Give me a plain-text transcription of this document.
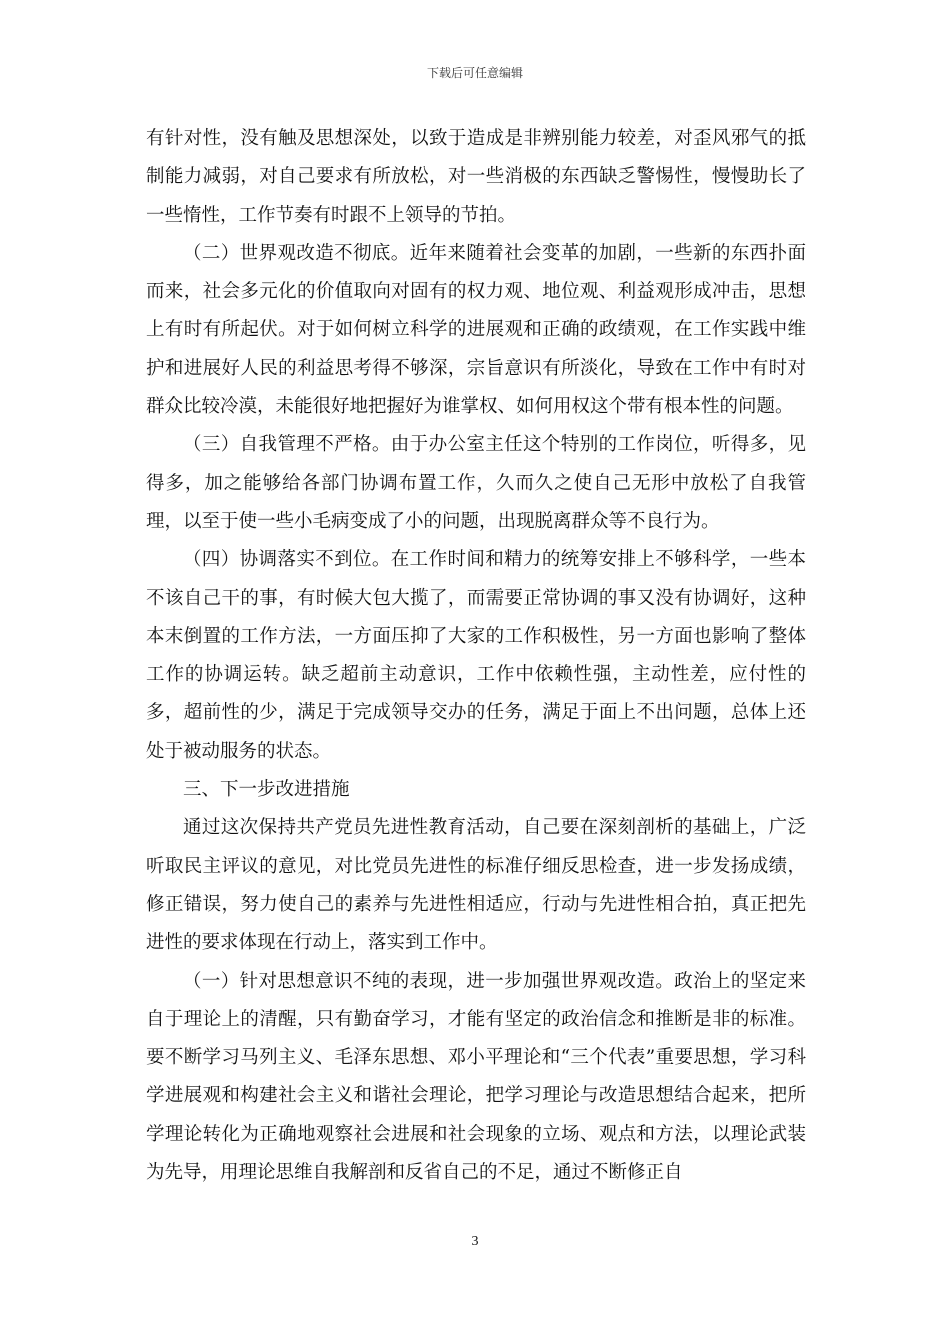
下载后可任意编辑

有针对性，没有触及思想深处，以致于造成是非辨别能力较差，对歪风邪气的抵制能力减弱，对自己要求有所放松，对一些消极的东西缺乏警惕性，慢慢助长了一些惰性，工作节奏有时跟不上领导的节拍。

（二）世界观改造不彻底。近年来随着社会变革的加剧，一些新的东西扑面而来，社会多元化的价值取向对固有的权力观、地位观、利益观形成冲击，思想上有时有所起伏。对于如何树立科学的进展观和正确的政绩观，在工作实践中维护和进展好人民的利益思考得不够深，宗旨意识有所淡化，导致在工作中有时对群众比较冷漠，未能很好地把握好为谁掌权、如何用权这个带有根本性的问题。

（三）自我管理不严格。由于办公室主任这个特别的工作岗位，听得多，见得多，加之能够给各部门协调布置工作，久而久之使自己无形中放松了自我管理，以至于使一些小毛病变成了小的问题，出现脱离群众等不良行为。

（四）协调落实不到位。在工作时间和精力的统筹安排上不够科学，一些本不该自己干的事，有时候大包大揽了，而需要正常协调的事又没有协调好，这种本末倒置的工作方法，一方面压抑了大家的工作积极性，另一方面也影响了整体工作的协调运转。缺乏超前主动意识，工作中依赖性强，主动性差，应付性的多，超前性的少，满足于完成领导交办的任务，满足于面上不出问题，总体上还处于被动服务的状态。

三、下一步改进措施

通过这次保持共产党员先进性教育活动，自己要在深刻剖析的基础上，广泛听取民主评议的意见，对比党员先进性的标准仔细反思检查，进一步发扬成绩，修正错误，努力使自己的素养与先进性相适应，行动与先进性相合拍，真正把先进性的要求体现在行动上，落实到工作中。

（一）针对思想意识不纯的表现，进一步加强世界观改造。政治上的坚定来自于理论上的清醒，只有勤奋学习，才能有坚定的政治信念和推断是非的标准。要不断学习马列主义、毛泽东思想、邓小平理论和“三个代表”重要思想，学习科学进展观和构建社会主义和谐社会理论，把学习理论与改造思想结合起来，把所学理论转化为正确地观察社会进展和社会现象的立场、观点和方法，以理论武装为先导，用理论思维自我解剖和反省自己的不足，通过不断修正自

3
